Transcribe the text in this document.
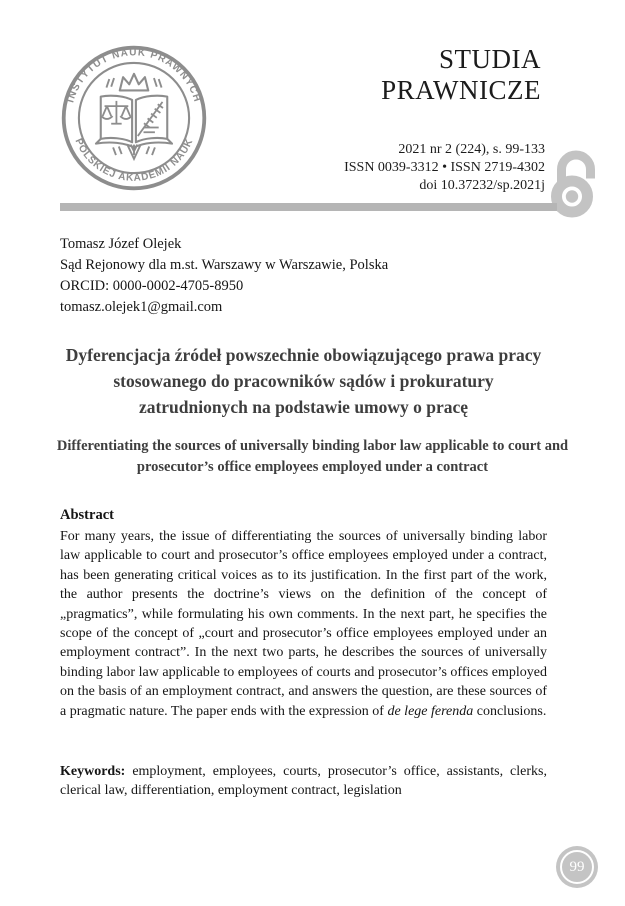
INSTYTUT NAUK PRAWNYCH
POLSKIEJ AKADEMII NAUK
STUDIA
PRAWNICZE
2021 nr 2 (224), s. 99-133
ISSN 0039-3312 • ISSN 2719-4302
doi 10.37232/sp.2021j
Tomasz Józef Olejek
Sąd Rejonowy dla m.st. Warszawy w Warszawie, Polska
ORCID: 0000-0002-4705-8950
tomasz.olejek1@gmail.com
Dyferencjacja źródeł powszechnie obowiązującego prawa pracy stosowanego do pracowników sądów i prokuratury zatrudnionych na podstawie umowy o pracę
Differentiating the sources of universally binding labor law applicable to court and prosecutor’s office employees employed under a contract
Abstract

For many years, the issue of differentiating the sources of universally binding labor law applicable to court and prosecutor’s office employees employed under a contract, has been generating critical voices as to its justification. In the first part of the work, the author presents the doctrine’s views on the definition of the concept of „pragmatics”, while formulating his own comments. In the next part, he specifies the scope of the concept of „court and prosecutor’s office employees employed under an employment contract”. In the next two parts, he describes the sources of universally binding labor law applicable to employees of courts and prosecutor’s offices employed on the basis of an employment contract, and answers the question, are these sources of a pragmatic nature. The paper ends with the expression of de lege ferenda conclusions.

Keywords: employment, employees, courts, prosecutor’s office, assistants, clerks, clerical law, differentiation, employment contract, legislation

99
